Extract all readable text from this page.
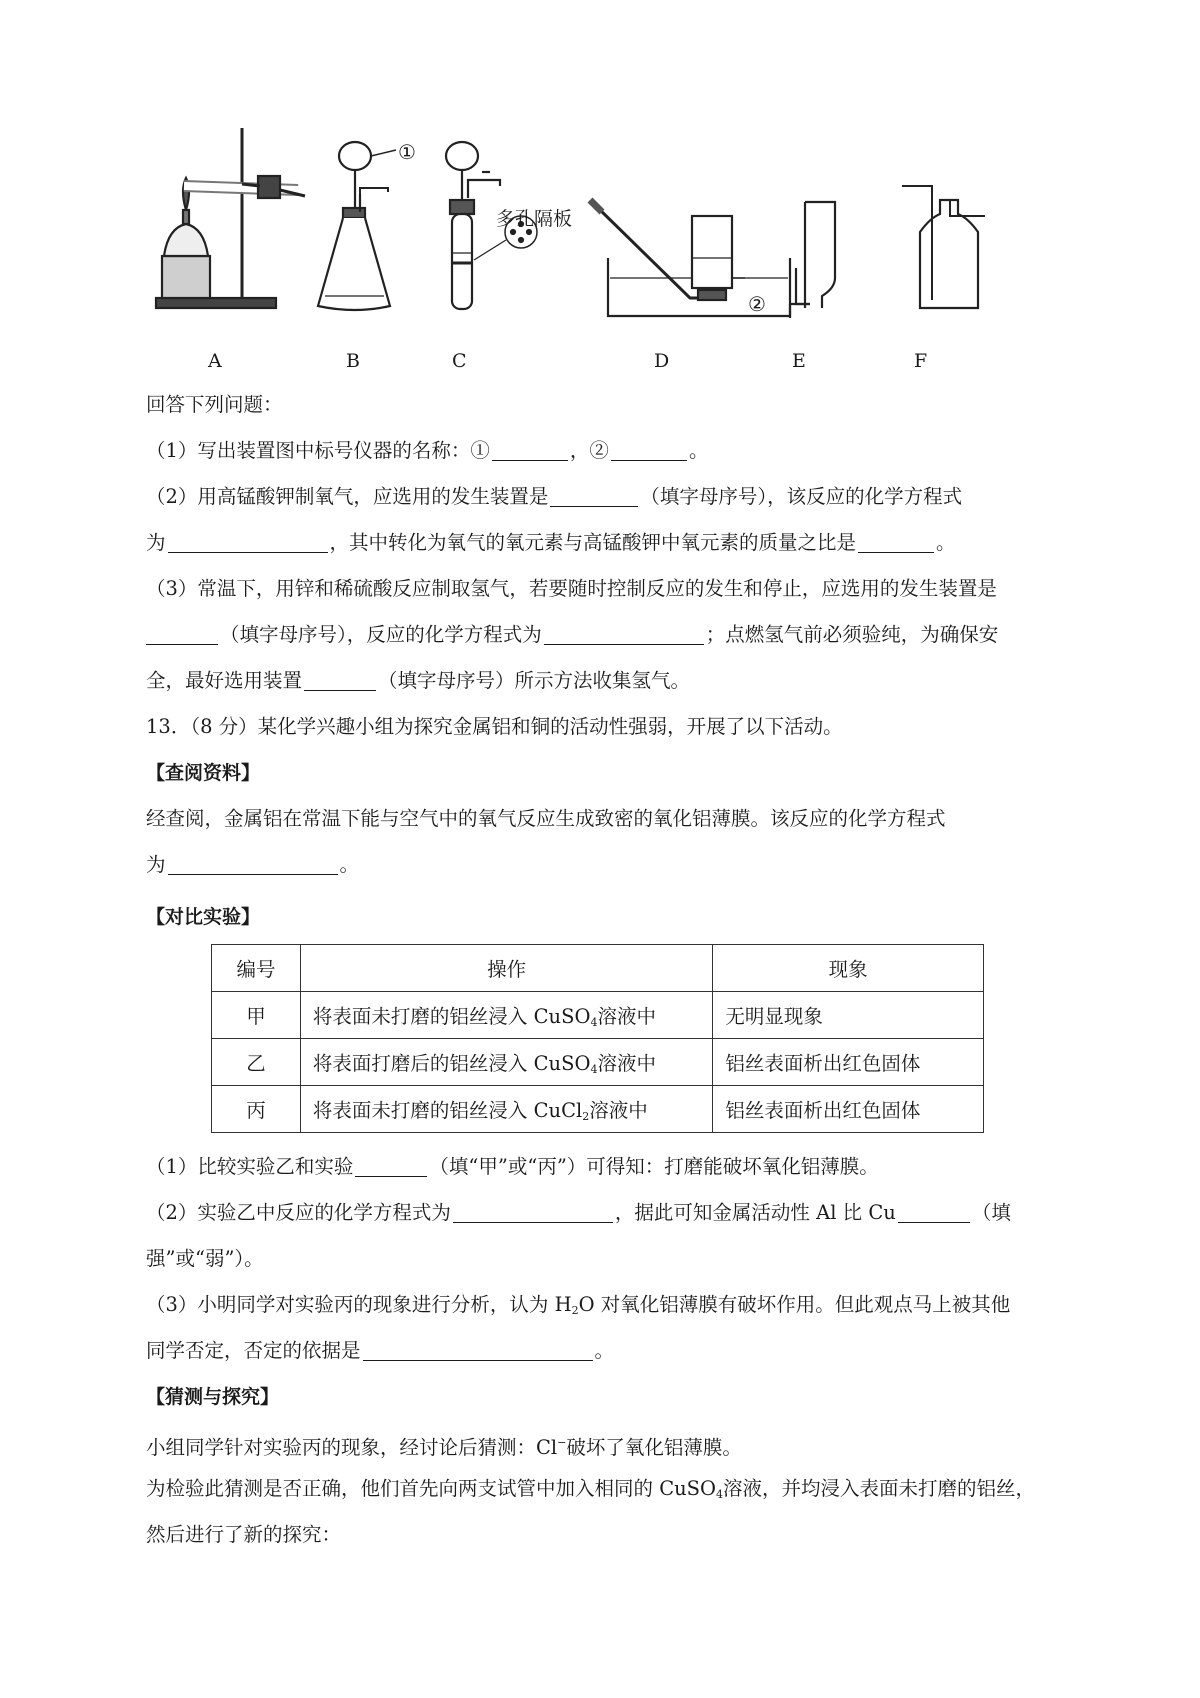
①
多孔隔板
②
A	B	C	D	E	F
回答下列问题：
（1）写出装置图中标号仪器的名称：①	，②	。
（2）用高锰酸钾制氧气，应选用的发生装置是	（填字母序号），该反应的化学方程式
为	，其中转化为氧气的氧元素与高锰酸钾中氧元素的质量之比是	。
（3）常温下，用锌和稀硫酸反应制取氢气，若要随时控制反应的发生和停止，应选用的发生装置是
（填字母序号），反应的化学方程式为	；点燃氢气前必须验纯，为确保安
全，最好选用装置	（填字母序号）所示方法收集氢气。
13．（8 分）某化学兴趣小组为探究金属铝和铜的活动性强弱，开展了以下活动。
【查阅资料】
经查阅，金属铝在常温下能与空气中的氧气反应生成致密的氧化铝薄膜。该反应的化学方程式
为	。
【对比实验】
编号	操作	现象
甲	将表面未打磨的铝丝浸入 CuSO$_4$溶液中	无明显现象
乙	将表面打磨后的铝丝浸入 CuSO$_4$溶液中	铝丝表面析出红色固体
丙	将表面未打磨的铝丝浸入 CuCl$_2$溶液中	铝丝表面析出红色固体
（1）比较实验乙和实验	（填“甲”或“丙”）可得知：打磨能破坏氧化铝薄膜。
（2）实验乙中反应的化学方程式为	，据此可知金属活动性 Al 比 Cu	（填
强”或“弱”）。
（3）小明同学对实验丙的现象进行分析，认为 $H_2O$ 对氧化铝薄膜有破坏作用。但此观点马上被其他
同学否定，否定的依据是	。
【猜测与探究】
小组同学针对实验丙的现象，经讨论后猜测：Cl−破坏了氧化铝薄膜。
为检验此猜测是否正确，他们首先向两支试管中加入相同的 CuSO$_4$溶液，并均浸入表面未打磨的铝丝，
然后进行了新的探究：
